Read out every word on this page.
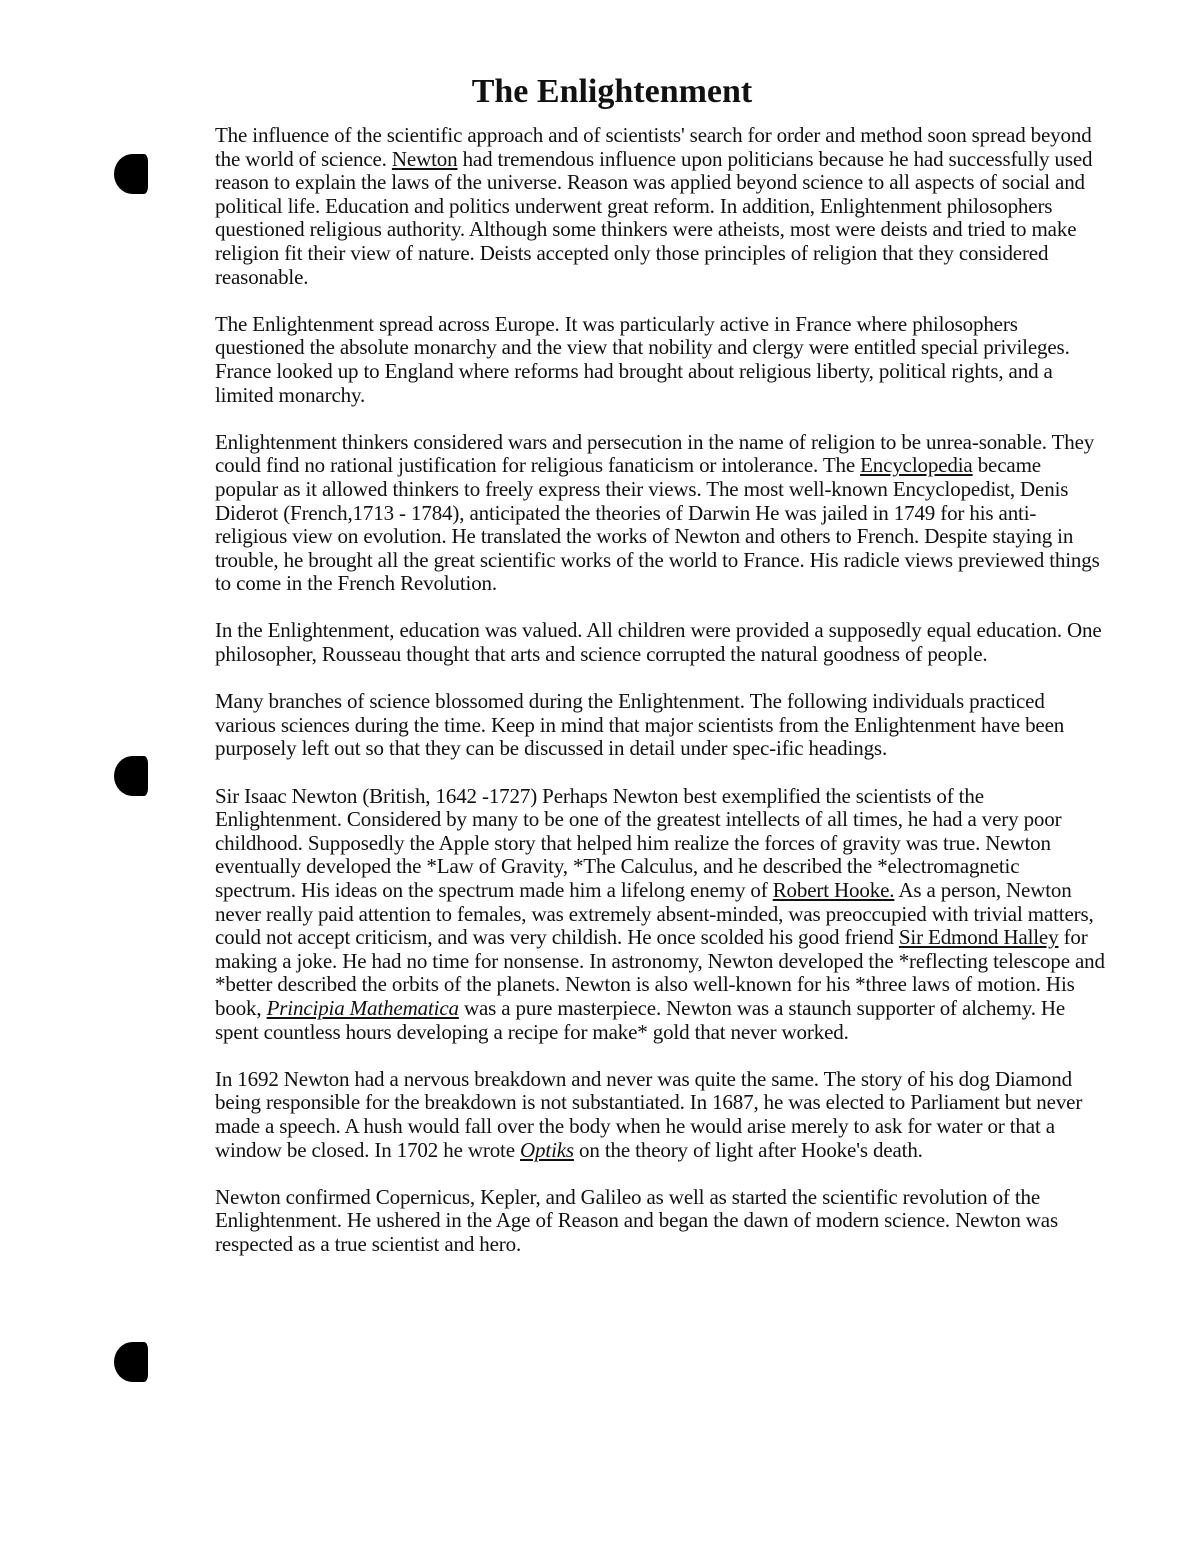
The Enlightenment

The influence of the scientific approach and of scientists' search for order and method soon spread beyond the world of science. Newton had tremendous influence upon politicians because he had successfully used reason to explain the laws of the universe. Reason was applied beyond science to all aspects of social and political life. Education and politics underwent great reform. In addition, Enlightenment philosophers questioned religious authority. Although some thinkers were atheists, most were deists and tried to make religion fit their view of nature. Deists accepted only those principles of religion that they considered reasonable.

The Enlightenment spread across Europe. It was particularly active in France where philosophers questioned the absolute monarchy and the view that nobility and clergy were entitled special privileges. France looked up to England where reforms had brought about religious liberty, political rights, and a limited monarchy.

Enlightenment thinkers considered wars and persecution in the name of religion to be unrea-sonable. They could find no rational justification for religious fanaticism or intolerance. The Encyclopedia became popular as it allowed thinkers to freely express their views. The most well-known Encyclopedist, Denis Diderot (French,1713 - 1784), anticipated the theories of Darwin He was jailed in 1749 for his anti-religious view on evolution. He translated the works of Newton and others to French. Despite staying in trouble, he brought all the great scientific works of the world to France. His radicle views previewed things to come in the French Revolution.

In the Enlightenment, education was valued. All children were provided a supposedly equal education. One philosopher, Rousseau thought that arts and science corrupted the natural goodness of people.

Many branches of science blossomed during the Enlightenment. The following individuals practiced various sciences during the time. Keep in mind that major scientists from the Enlightenment have been purposely left out so that they can be discussed in detail under spec-ific headings.

Sir Isaac Newton (British, 1642 -1727) Perhaps Newton best exemplified the scientists of the Enlightenment. Considered by many to be one of the greatest intellects of all times, he had a very poor childhood. Supposedly the Apple story that helped him realize the forces of gravity was true. Newton eventually developed the *Law of Gravity, *The Calculus, and he described the *electromagnetic spectrum. His ideas on the spectrum made him a lifelong enemy of Robert Hooke. As a person, Newton never really paid attention to females, was extremely absent-minded, was preoccupied with trivial matters, could not accept criticism, and was very childish. He once scolded his good friend Sir Edmond Halley for making a joke. He had no time for nonsense. In astronomy, Newton developed the *reflecting telescope and *better described the orbits of the planets. Newton is also well-known for his *three laws of motion. His book, Principia Mathematica was a pure masterpiece. Newton was a staunch supporter of alchemy. He spent countless hours developing a recipe for make* gold that never worked.

In 1692 Newton had a nervous breakdown and never was quite the same. The story of his dog Diamond being responsible for the breakdown is not substantiated. In 1687, he was elected to Parliament but never made a speech. A hush would fall over the body when he would arise merely to ask for water or that a window be closed. In 1702 he wrote Optiks on the theory of light after Hooke's death.

Newton confirmed Copernicus, Kepler, and Galileo as well as started the scientific revolution of the Enlightenment. He ushered in the Age of Reason and began the dawn of modern science. Newton was respected as a true scientist and hero.
